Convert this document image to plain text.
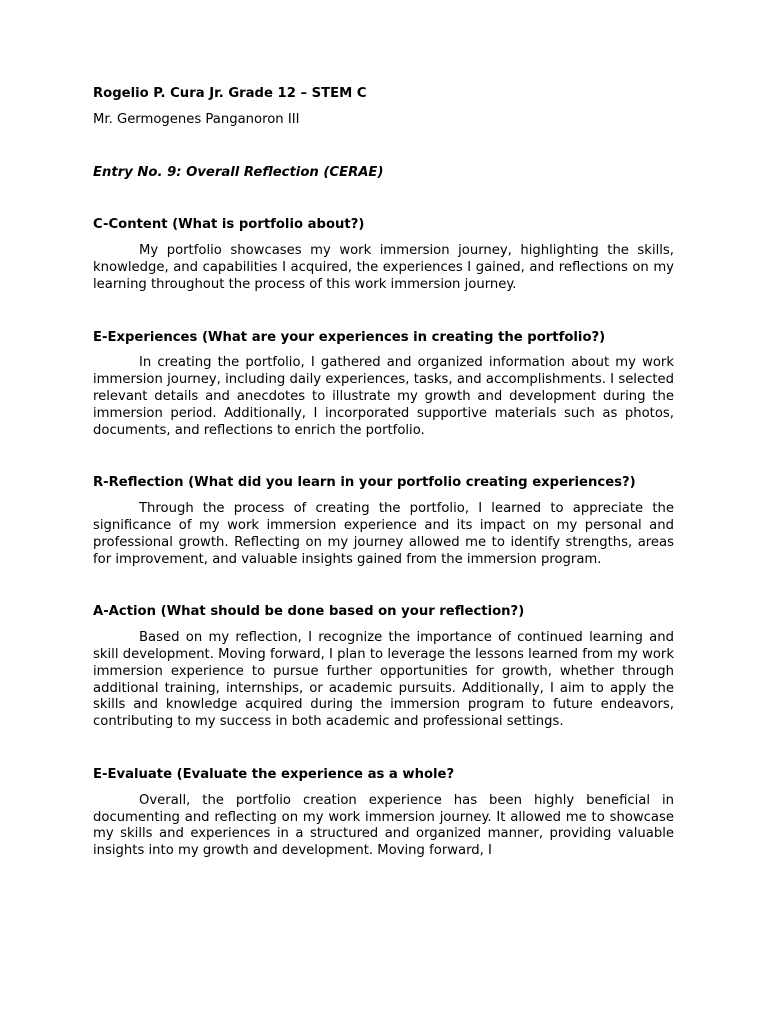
Rogelio P. Cura Jr. Grade 12 – STEM C

Mr. Germogenes Panganoron III

Entry No. 9: Overall Reflection (CERAE)

C-Content (What is portfolio about?)

My portfolio showcases my work immersion journey, highlighting the skills, knowledge, and capabilities I acquired, the experiences I gained, and reflections on my learning throughout the process of this work immersion journey.

E-Experiences (What are your experiences in creating the portfolio?)

In creating the portfolio, I gathered and organized information about my work immersion journey, including daily experiences, tasks, and accomplishments. I selected relevant details and anecdotes to illustrate my growth and development during the immersion period. Additionally, I incorporated supportive materials such as photos, documents, and reflections to enrich the portfolio.

R-Reflection (What did you learn in your portfolio creating experiences?)

Through the process of creating the portfolio, I learned to appreciate the significance of my work immersion experience and its impact on my personal and professional growth. Reflecting on my journey allowed me to identify strengths, areas for improvement, and valuable insights gained from the immersion program.

A-Action (What should be done based on your reflection?)

Based on my reflection, I recognize the importance of continued learning and skill development. Moving forward, I plan to leverage the lessons learned from my work immersion experience to pursue further opportunities for growth, whether through additional training, internships, or academic pursuits. Additionally, I aim to apply the skills and knowledge acquired during the immersion program to future endeavors, contributing to my success in both academic and professional settings.

E-Evaluate (Evaluate the experience as a whole?

Overall, the portfolio creation experience has been highly beneficial in documenting and reflecting on my work immersion journey. It allowed me to showcase my skills and experiences in a structured and organized manner, providing valuable insights into my growth and development. Moving forward, I
